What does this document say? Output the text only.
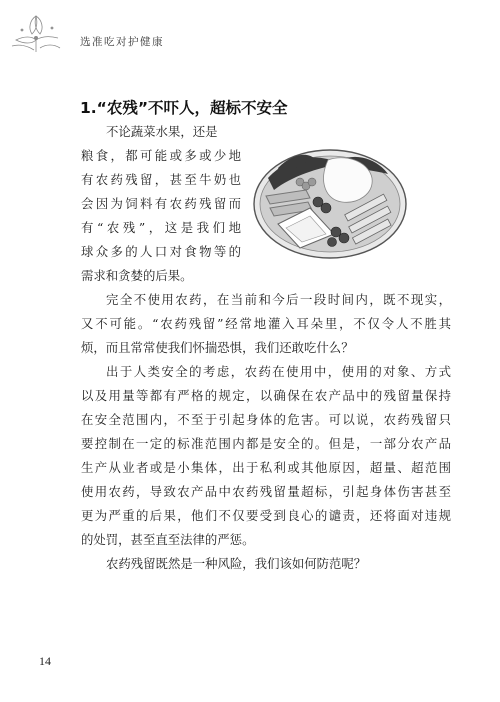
选准吃对护健康
1.“农残”不吓人，超标不安全

不论蔬菜水果，还是
粮食，都可能或多或少地
有农药残留，甚至牛奶也
会因为饲料有农药残留而
有“农残”，这是我们地
球众多的人口对食物等的
需求和贪婪的后果。

完全不使用农药，在当前和今后一段时间内，既不现实，
又不可能。“农药残留”经常地灌入耳朵里，不仅令人不胜其
烦，而且常常使我们怀揣恐惧，我们还敢吃什么？

出于人类安全的考虑，农药在使用中，使用的对象、方式
以及用量等都有严格的规定，以确保在农产品中的残留量保持
在安全范围内，不至于引起身体的危害。可以说，农药残留只
要控制在一定的标准范围内都是安全的。但是，一部分农产品
生产从业者或是小集体，出于私利或其他原因，超量、超范围
使用农药，导致农产品中农药残留量超标，引起身体伤害甚至
更为严重的后果，他们不仅要受到良心的谴责，还将面对违规
的处罚，甚至直至法律的严惩。

农药残留既然是一种风险，我们该如何防范呢？

14
